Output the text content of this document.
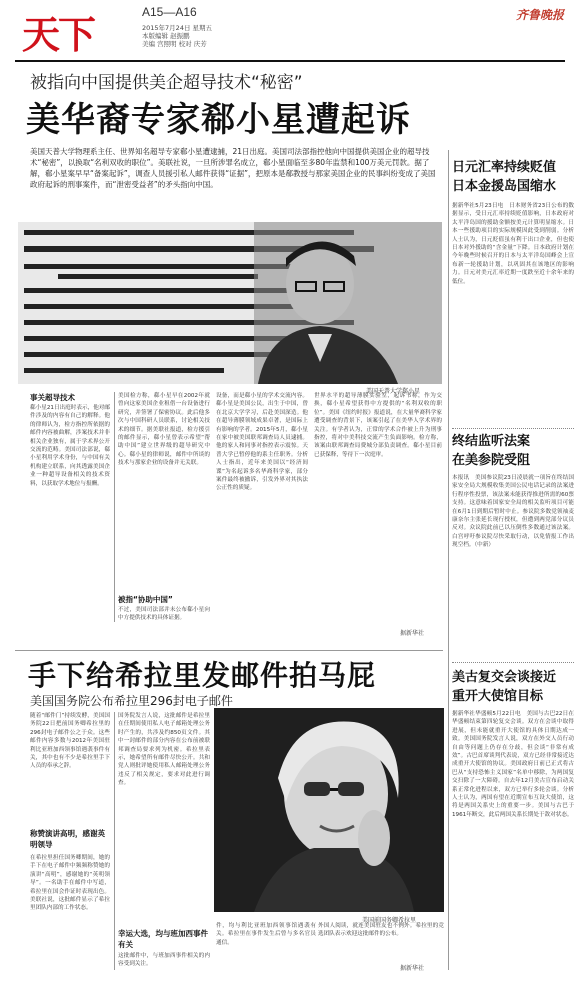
天下	A15—A16
2015年7月24日 星期五
本版编辑 赵振鹏
美编 宫照明 校对 庆芳
齐鲁晚报
被指向中国提供美企超导技术“秘密”
美华裔专家郗小星遭起诉
美国天普大学物理系主任、世界知名超导专家郗小星遭逮捕，21日出庭。美国司法部指控他向中国提供美国企业的超导技术“秘密”，以换取“名利双收的职位”。美联社说，一旦所涉罪名成立，郗小星面临至多80年监禁和100万美元罚款。据了解，郗小星案早早“备案起诉”，调查人员援引私人邮件获得“证据”，把原本是郗教授与那家美国企业的民事纠纷变成了美国政府起诉的刑事案件，而“泄密受益者”的矛头指向中国。
美国天普大学郗小星
事关超导技术
郗小星21日出庭时表示，他对邮件涉及的内容有自己的解释。他的律师认为，检方指控所依据的邮件内容被曲解，涉案技术并非相关企业独有，属于学术界公开交流的范畴。美国司法部说，郗小星利用学术身份，与中国有关机构建立联系，向其透露美国企业一种超导设备相关的技术资料，以获取学术地位与报酬。
美国检方称，郗小星早在2002年就曾向这家美国企业租借一台设备进行研究，并签署了保密协议。此后他多次与中国科研人员联系，讨论相关技术的细节。据美联社报道，检方援引的邮件显示，郗小星曾表示希望“帮助中国”建立世界级的超导研究中心。郗小星的律师说，邮件中所谈的技术与那家企业的设备并无关联。
被指“协助中国”
不过，美国司法部并未公布郗小星向中方提供技术的具体证据。
设备，而是郗小星的学术交流内容。郗小星是美国公民，出生于中国，曾在北京大学学习，后赴美国深造。他在超导薄膜领域成果卓著，是国际上有影响的学者。2015年5月，郗小星在家中被美国联邦调查局人员逮捕。他的家人和同事对指控表示震惊。天普大学已暂停他的系主任职务。分析人士指出，近年来美国以“经济间谍”为名起诉多名华裔科学家，部分案件最终被撤诉，引发外界对其执法公正性的质疑。
世界水平的超导薄膜实验室，起诉书称，作为交换，郗小星希望获得中方提供的“名利双收的职位”。美国《纽约时报》报道说，在大量华裔科学家遭受调查的背景下，该案引起了在美华人学术界的关注。有学者认为，正常的学术合作被上升为刑事指控，将对中美科技交流产生负面影响。检方称，该案由联邦调查局费城分部负责调查。郗小星目前已获保释，等待下一次庭审。
据新华社
日元汇率持续贬值
日本金援岛国缩水
据新华社5月23日电　日本财务省23日公布的数据显示，受日元汇率持续贬值影响，日本政府对太平洋岛国的援助金额按美元计算明显缩水。日本一些援助项目的实际规模因此受到削弱。分析人士认为，日元贬值虽有利于出口企业，但也使日本对外援助的“含金量”下降。日本政府计划在今年晚些时候召开的日本与太平洋岛国峰会上宣布新一轮援助计划，以巩固其在该地区的影响力。日元对美元汇率近期一度跌至近十余年来的低位。
终结监听法案
在美参院受阻
本报讯　美国参议院23日凌晨就一项旨在终结国家安全局大规模收集美国公民电话记录的法案进行程序性投票，该法案未能获得推进所需的60票支持。这意味着国家安全局的相关监听项目可能在6月1日到期后暂时中止。参议院多数党领袖麦康奈尔主张延长现行授权，但遭到两党部分议员反对。众议院此前已以压倒性多数通过该法案。白宫呼吁参议院尽快采取行动，以免情报工作出现空档。（中新）
手下给希拉里发邮件拍马屁
美国国务院公布希拉里296封电子邮件
随着“邮件门”持续发酵，美国国务院22日把前国务卿希拉里的296封电子邮件公之于众。这些邮件内容多数与2012年美国驻利比亚班加西领事馆遇袭事件有关，其中也有不少是希拉里手下人员的奉承之辞。
称赞演讲高明，感谢英明领导
在希拉里担任国务卿期间，她的手下在电子邮件中频频称赞她的演讲“高明”，感谢她的“英明领导”。一名助手在邮件中写道，希拉里在国会作证时表现出色。美联社说，这批邮件显示了希拉里团队内部的工作状态。
国务院发言人说，这批邮件是希拉里在任期间使用私人电子邮箱处理公务时产生的，共涉及约850页文件。其中一封邮件的部分内容在公布前被联邦调查局要求列为机密。希拉里表示，她希望所有邮件尽快公开。共和党人则批评她使用私人邮箱处理公务违反了相关规定，要求对此进行调查。
幸运大选，均与班加西事件有关
这批邮件中，与班加西事件相关的内容受到关注。
美国前国务卿希拉里
件，均与利比亚班加西领事馆遇袭有关。希拉里在事件发生后曾与多名官员通信。
外国人阅读，就连美国驻友也不例外。希拉里的竞选团队表示欢迎这批邮件的公布。
据新华社
美古复交会谈接近
重开大使馆目标
据新华社华盛顿5月22日电　美国与古巴22日在华盛顿结束第四轮复交会谈。双方在会谈中取得进展，但未能就重开大使馆的具体日期达成一致。美国国务院发言人说，双方在外交人员行动自由等问题上仍存在分歧，但会谈“非常有成效”。古巴首席谈判代表说，双方已经非常接近达成重开大使馆的协议。美国政府日前已正式将古巴从“支持恐怖主义国家”名单中移除，为两国复交扫除了一大障碍。自去年12月美古宣布启动关系正常化进程以来，双方已举行多轮会谈。分析人士认为，两国有望在近期宣布互设大使馆，这将是两国关系史上的重要一步。美国与古巴于1961年断交，此后两国关系长期处于敌对状态。
